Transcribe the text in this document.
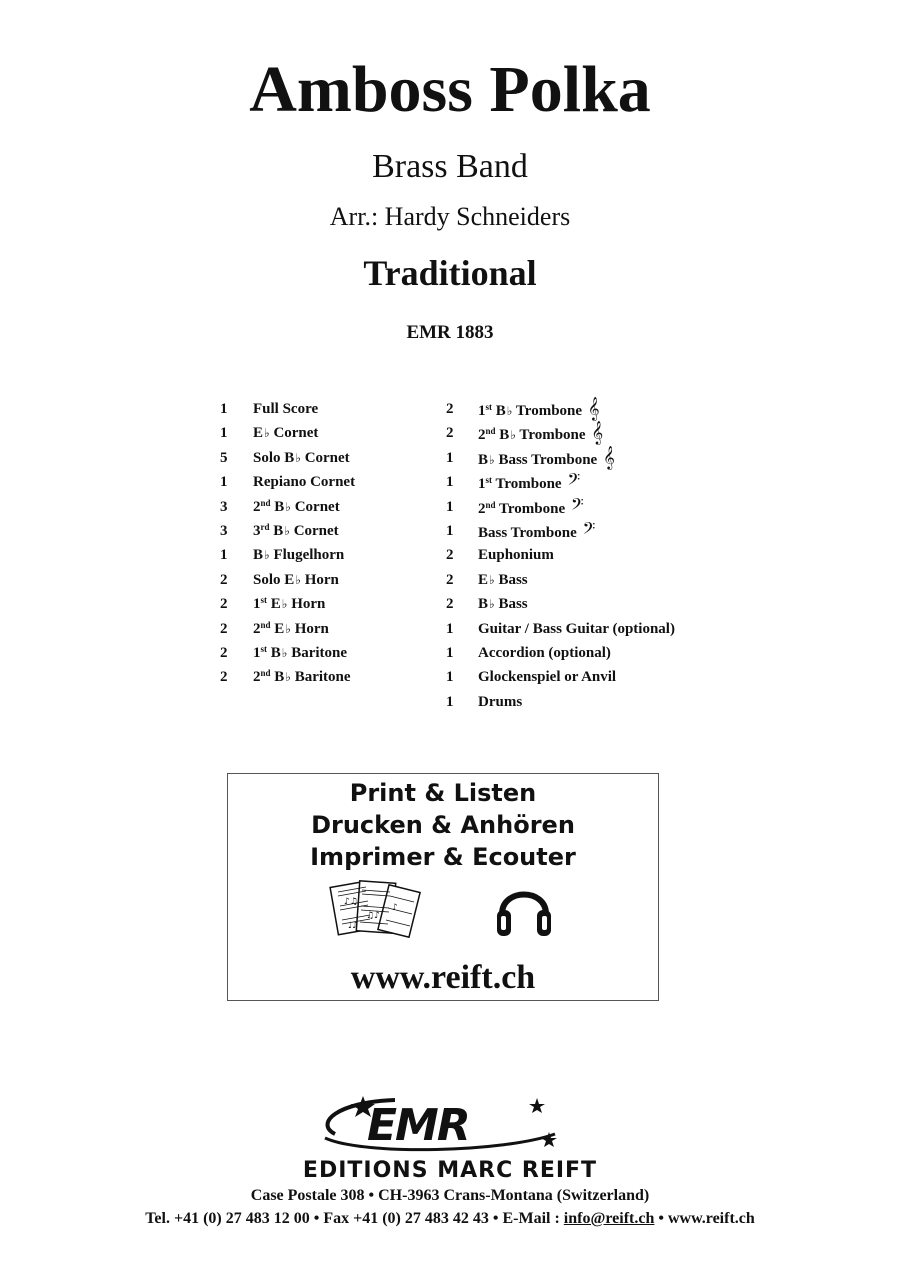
Amboss Polka
Brass Band
Arr.: Hardy Schneiders
Traditional
EMR 1883
1 Full Score
1 E♭ Cornet
5 Solo B♭ Cornet
1 Repiano Cornet
3 2nd B♭ Cornet
3 3rd B♭ Cornet
1 B♭ Flugelhorn
2 Solo E♭ Horn
2 1st E♭ Horn
2 2nd E♭ Horn
2 1st B♭ Baritone
2 2nd B♭ Baritone
2 1st B♭ Trombone 𝄞
2 2nd B♭ Trombone 𝄞
1 B♭ Bass Trombone 𝄞
1 1st Trombone 𝄢
1 2nd Trombone 𝄢
1 Bass Trombone 𝄢
2 Euphonium
2 E♭ Bass
2 B♭ Bass
1 Guitar / Bass Guitar (optional)
1 Accordion (optional)
1 Glockenspiel or Anvil
1 Drums
Print & Listen
Drucken & Anhören
Imprimer & Ecouter
♪♫
♫♪
♪
♩♪
www.reift.ch
EMR
EDITIONS MARC REIFT
Case Postale 308 • CH-3963 Crans-Montana (Switzerland)
Tel. +41 (0) 27 483 12 00 • Fax +41 (0) 27 483 42 43 • E-Mail : info@reift.ch • www.reift.ch
